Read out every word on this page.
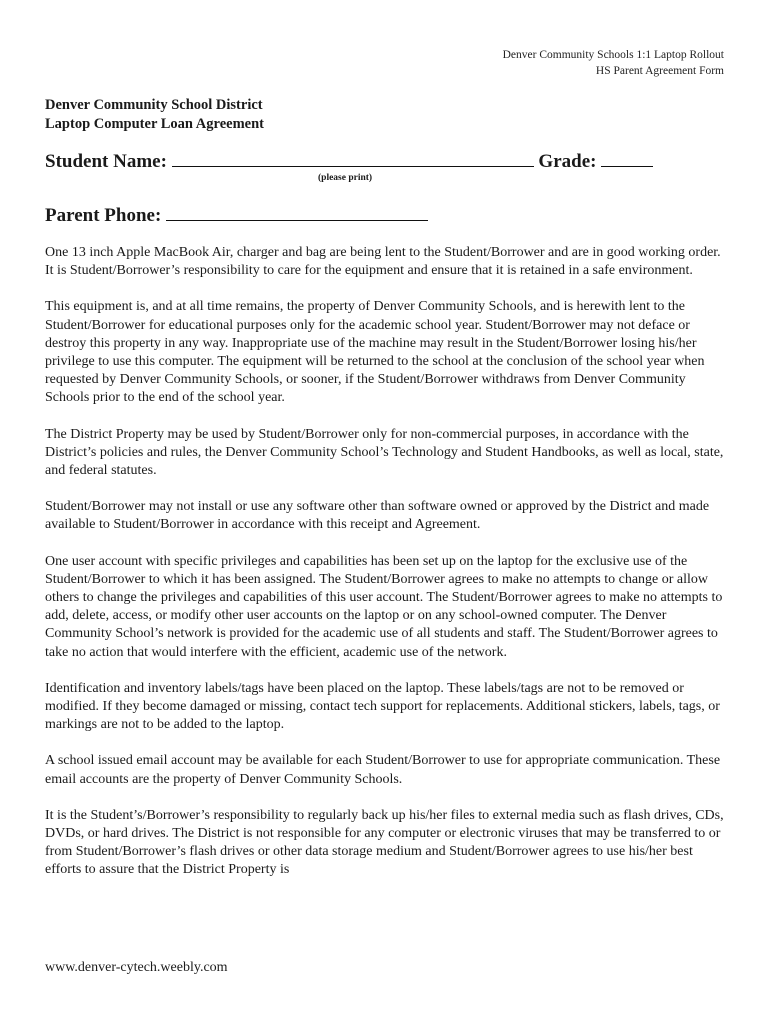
Denver Community Schools 1:1 Laptop Rollout
HS Parent Agreement Form
Denver Community School District
Laptop Computer Loan Agreement
Student Name:	Grade:
(please print)
Parent Phone:

One 13 inch Apple MacBook Air, charger and bag are being lent to the Student/Borrower and are in good working order. It is Student/Borrower’s responsibility to care for the equipment and ensure that it is retained in a safe environment.

This equipment is, and at all time remains, the property of Denver Community Schools, and is herewith lent to the Student/Borrower for educational purposes only for the academic school year. Student/Borrower may not deface or destroy this property in any way. Inappropriate use of the machine may result in the Student/Borrower losing his/her privilege to use this computer. The equipment will be returned to the school at the conclusion of the school year when requested by Denver Community Schools, or sooner, if the Student/Borrower withdraws from Denver Community Schools prior to the end of the school year.

The District Property may be used by Student/Borrower only for non-commercial purposes, in accordance with the District’s policies and rules, the Denver Community School’s Technology and Student Handbooks, as well as local, state, and federal statutes.

Student/Borrower may not install or use any software other than software owned or approved by the District and made available to Student/Borrower in accordance with this receipt and Agreement.

One user account with specific privileges and capabilities has been set up on the laptop for the exclusive use of the Student/Borrower to which it has been assigned. The Student/Borrower agrees to make no attempts to change or allow others to change the privileges and capabilities of this user account. The Student/Borrower agrees to make no attempts to add, delete, access, or modify other user accounts on the laptop or on any school-owned computer. The Denver Community School’s network is provided for the academic use of all students and staff. The Student/Borrower agrees to take no action that would interfere with the efficient, academic use of the network.

Identification and inventory labels/tags have been placed on the laptop. These labels/tags are not to be removed or modified. If they become damaged or missing, contact tech support for replacements. Additional stickers, labels, tags, or markings are not to be added to the laptop.

A school issued email account may be available for each Student/Borrower to use for appropriate communication. These email accounts are the property of Denver Community Schools.

It is the Student’s/Borrower’s responsibility to regularly back up his/her files to external media such as flash drives, CDs, DVDs, or hard drives. The District is not responsible for any computer or electronic viruses that may be transferred to or from Student/Borrower’s flash drives or other data storage medium and Student/Borrower agrees to use his/her best efforts to assure that the District Property is

www.denver-cytech.weebly.com
